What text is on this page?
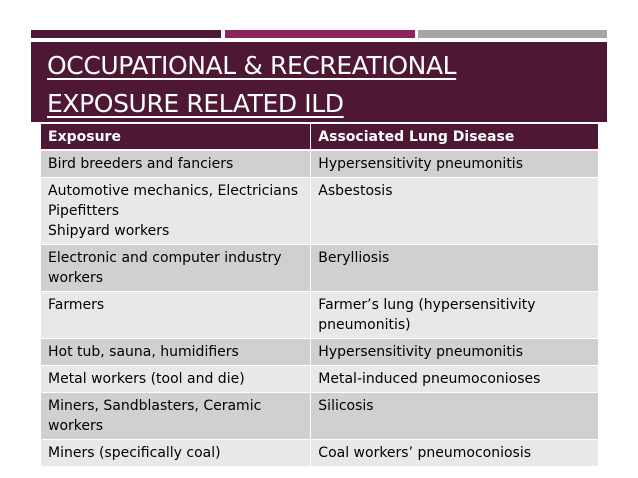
OCCUPATIONAL & RECREATIONAL
EXPOSURE RELATED ILD
Exposure	Associated Lung Disease

Bird breeders and fanciers	Hypersensitivity pneumonitis

Automotive mechanics, Electricians
Pipefitters
Shipyard workers	Asbestosis

Electronic and computer industry workers	Berylliosis

Farmers	Farmer’s lung (hypersensitivity pneumonitis)

Hot tub, sauna, humidifiers	Hypersensitivity pneumonitis

Metal workers (tool and die)	Metal-induced pneumoconioses

Miners, Sandblasters, Ceramic workers	Silicosis

Miners (specifically coal)	Coal workers’ pneumoconiosis
